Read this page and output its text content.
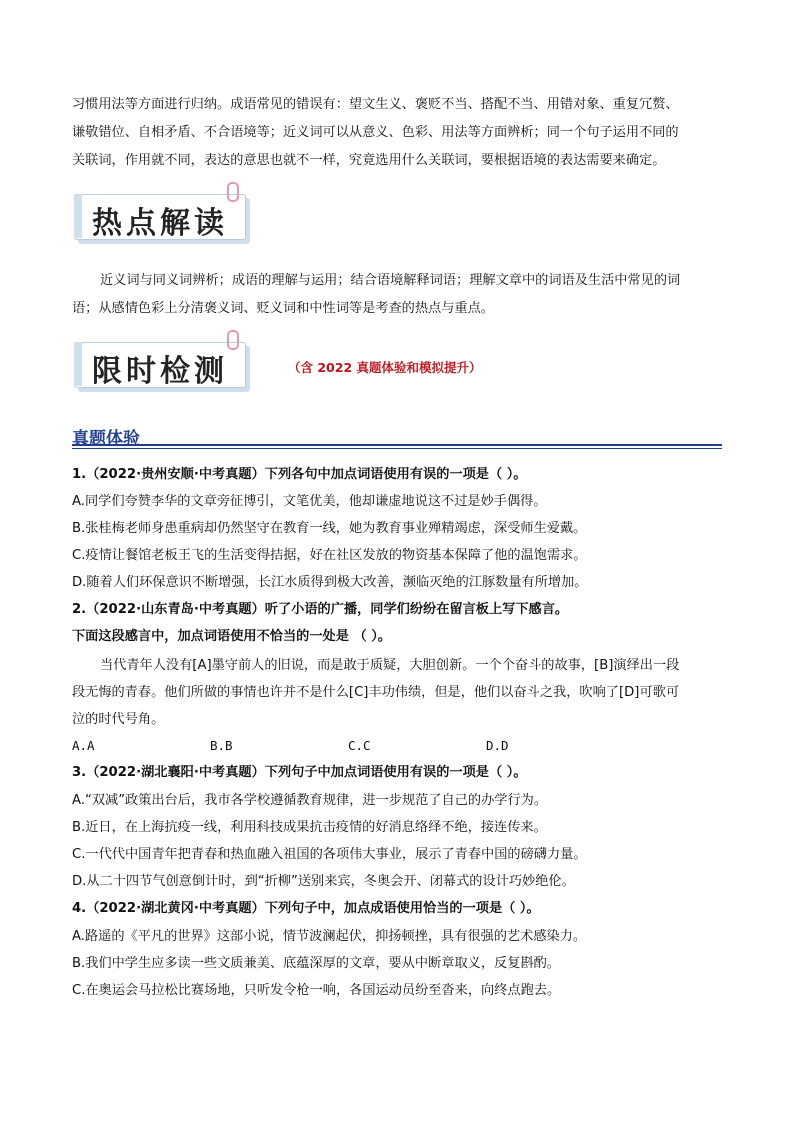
习惯用法等方面进行归纳。成语常见的错误有：望文生义、褒贬不当、搭配不当、用错对象、重复冗赘、
谦敬错位、自相矛盾、不合语境等；近义词可以从意义、色彩、用法等方面辨析；同一个句子运用不同的
关联词，作用就不同，表达的意思也就不一样，究竟选用什么关联词，要根据语境的表达需要来确定。
热点解读
近义词与同义词辨析；成语的理解与运用；结合语境解释词语；理解文章中的词语及生活中常见的词
语；从感情色彩上分清褒义词、贬义词和中性词等是考查的热点与重点。
限时检测	（含 2022 真题体验和模拟提升）
真题体验
1.（2022·贵州安顺·中考真题）下列各句中加点词语使用有误的一项是（ ）。
A.同学们夸赞李华的文章旁征博引，文笔优美，他却谦虚地说这不过是妙手偶得。
B.张桂梅老师身患重病却仍然坚守在教育一线，她为教育事业殚精竭虑，深受师生爱戴。
C.疫情让餐馆老板王飞的生活变得拮据，好在社区发放的物资基本保障了他的温饱需求。
D.随着人们环保意识不断增强，长江水质得到极大改善，濒临灭绝的江豚数量有所增加。
2.（2022·山东青岛·中考真题）听了小语的广播，同学们纷纷在留言板上写下感言。
下面这段感言中，加点词语使用不恰当的一处是 （ ）。
当代青年人没有[A]墨守前人的旧说，而是敢于质疑，大胆创新。一个个奋斗的故事，[B]演绎出一段
段无悔的青春。他们所做的事情也许并不是什么[C]丰功伟绩，但是，他们以奋斗之我，吹响了[D]可歌可
泣的时代号角。
A.A	B.B	C.C	D.D
3.（2022·湖北襄阳·中考真题）下列句子中加点词语使用有误的一项是（ ）。
A.“双减”政策出台后，我市各学校遵循教育规律，进一步规范了自己的办学行为。
B.近日，在上海抗疫一线，利用科技成果抗击疫情的好消息络绎不绝，接连传来。
C.一代代中国青年把青春和热血融入祖国的各项伟大事业，展示了青春中国的磅礴力量。
D.从二十四节气创意倒计时，到“折柳”送别来宾，冬奥会开、闭幕式的设计巧妙绝伦。
4.（2022·湖北黄冈·中考真题）下列句子中，加点成语使用恰当的一项是（ ）。
A.路遥的《平凡的世界》这部小说，情节波澜起伏，抑扬顿挫，具有很强的艺术感染力。
B.我们中学生应多读一些文质兼美、底蕴深厚的文章，要从中断章取义，反复斟酌。
C.在奥运会马拉松比赛场地，只听发令枪一响，各国运动员纷至沓来，向终点跑去。
